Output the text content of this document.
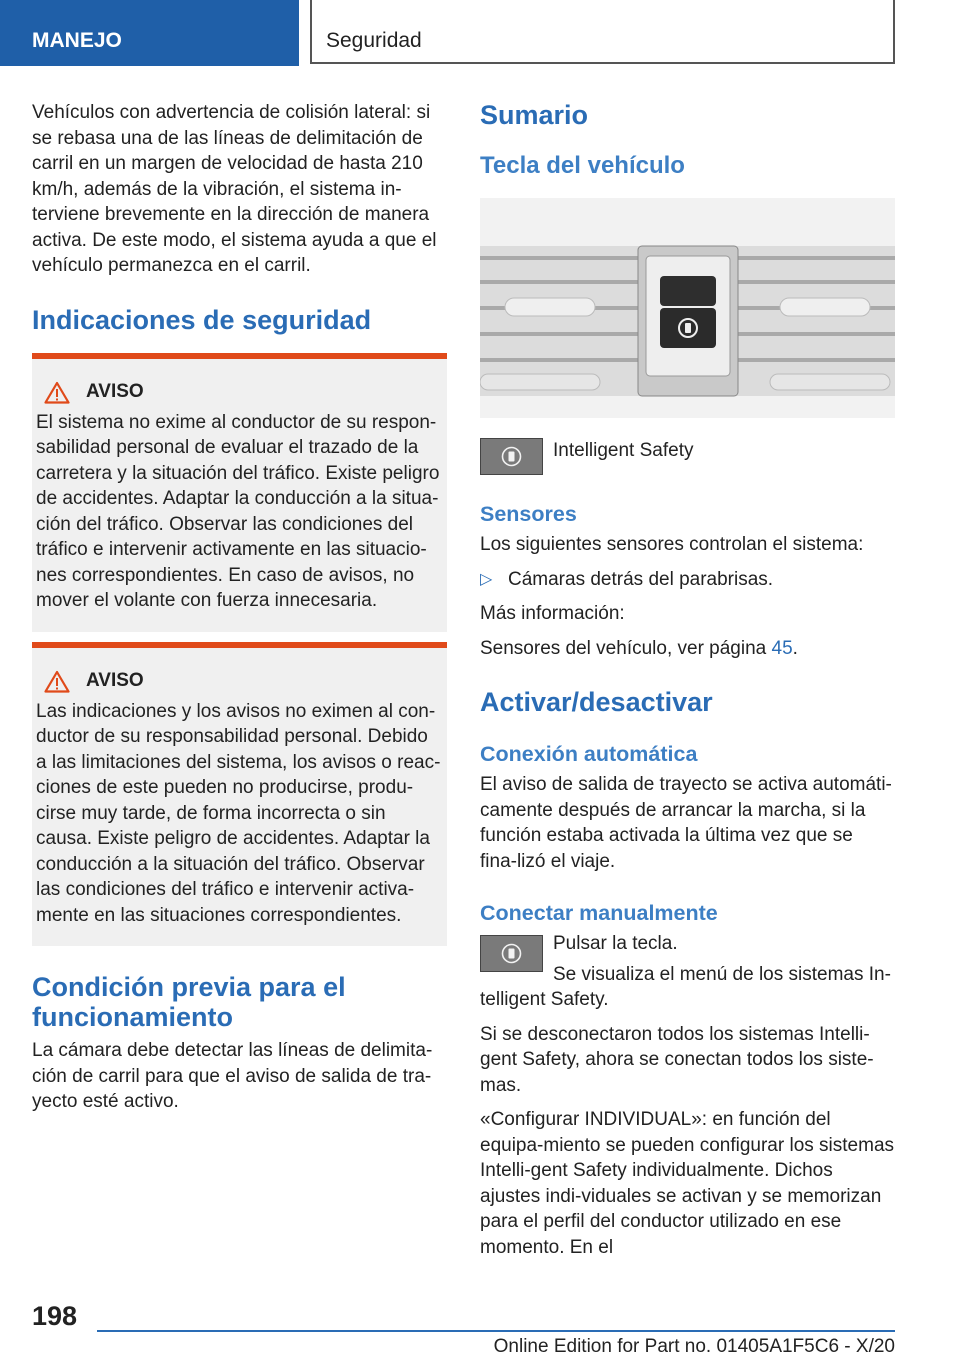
MANEJO	Seguridad

Vehículos con advertencia de colisión lateral: si se rebasa una de las líneas de delimitación de carril en un margen de velocidad de hasta 210 km/h, además de la vibración, el sistema in-terviene brevemente en la dirección de manera activa. De este modo, el sistema ayuda a que el vehículo permanezca en el carril.

Indicaciones de seguridad
AVISO

El sistema no exime al conductor de su respon-sabilidad personal de evaluar el trazado de la carretera y la situación del tráfico. Existe peligro de accidentes. Adaptar la conducción a la situa-ción del tráfico. Observar las condiciones del tráfico e intervenir activamente en las situacio-nes correspondientes. En caso de avisos, no mover el volante con fuerza innecesaria.

AVISO

Las indicaciones y los avisos no eximen al con-ductor de su responsabilidad personal. Debido a las limitaciones del sistema, los avisos o reac-ciones de este pueden no producirse, produ-cirse muy tarde, de forma incorrecta o sin causa. Existe peligro de accidentes. Adaptar la conducción a la situación del tráfico. Observar las condiciones del tráfico e intervenir activa-mente en las situaciones correspondientes.

Condición previa para el funcionamiento

La cámara debe detectar las líneas de delimita-ción de carril para que el aviso de salida de tra-yecto esté activo.

Sumario
Tecla del vehículo

Intelligent Safety

Sensores

Los siguientes sensores controlan el sistema:

▷ Cámaras detrás del parabrisas.

Más información:

Sensores del vehículo, ver página 45.

Activar/desactivar
Conexión automática

El aviso de salida de trayecto se activa automáti-camente después de arrancar la marcha, si la función estaba activada la última vez que se fina-lizó el viaje.

Conectar manualmente

Pulsar la tecla.

Se visualiza el menú de los sistemas In-telligent Safety.

Si se desconectaron todos los sistemas Intelli-gent Safety, ahora se conectan todos los siste-mas.

«Configurar INDIVIDUAL»: en función del equipa-miento se pueden configurar los sistemas Intelli-gent Safety individualmente. Dichos ajustes indi-viduales se activan y se memorizan para el perfil del conductor utilizado en ese momento. En el

198
Online Edition for Part no. 01405A1F5C6 - X/20
